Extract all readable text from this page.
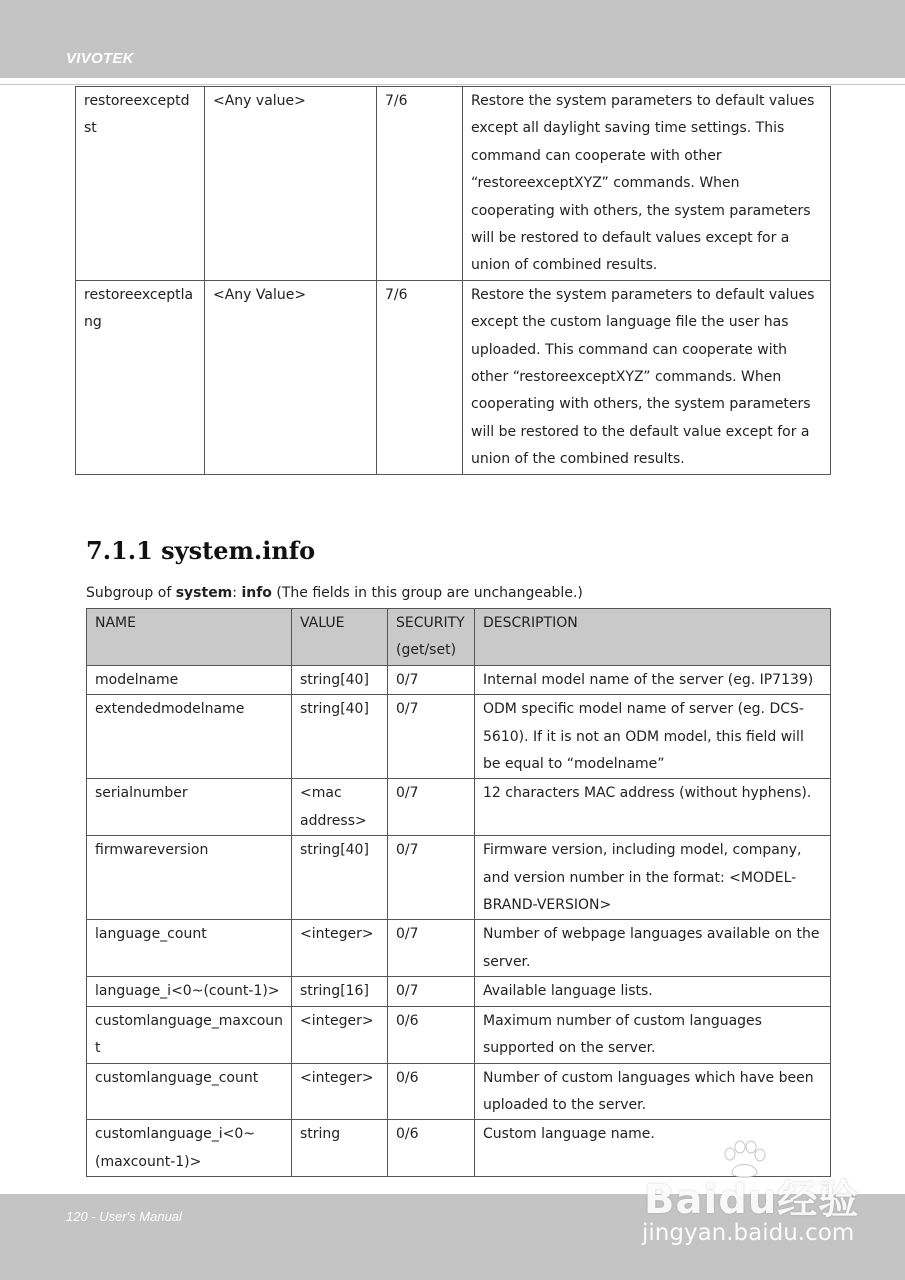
VIVOTEK
restoreexceptdst	<Any value>	7/6	Restore the system parameters to default values except all daylight saving time settings. This command can cooperate with other “restoreexceptXYZ” commands. When cooperating with others, the system parameters will be restored to default values except for a union of combined results.
restoreexceptlang	<Any Value>	7/6	Restore the system parameters to default values except the custom language file the user has uploaded. This command can cooperate with other “restoreexceptXYZ” commands. When cooperating with others, the system parameters will be restored to the default value except for a union of the combined results.
7.1.1 system.info
Subgroup of system: info (The fields in this group are unchangeable.)
NAME	VALUE	SECURITY (get/set)	DESCRIPTION
modelname	string[40]	0/7	Internal model name of the server (eg. IP7139)
extendedmodelname	string[40]	0/7	ODM specific model name of server (eg. DCS-5610). If it is not an ODM model, this field will be equal to “modelname”
serialnumber	<mac address>	0/7	12 characters MAC address (without hyphens).
firmwareversion	string[40]	0/7	Firmware version, including model, company, and version number in the format: <MODEL-BRAND-VERSION>
language_count	<integer>	0/7	Number of webpage languages available on the server.
language_i<0~(count-1)>	string[16]	0/7	Available language lists.
customlanguage_maxcount	<integer>	0/6	Maximum number of custom languages supported on the server.
customlanguage_count	<integer>	0/6	Number of custom languages which have been uploaded to the server.
customlanguage_i<0~(maxcount-1)>	string	0/6	Custom language name.
120 - User's Manual	Baidu经验
jingyan.baidu.com
